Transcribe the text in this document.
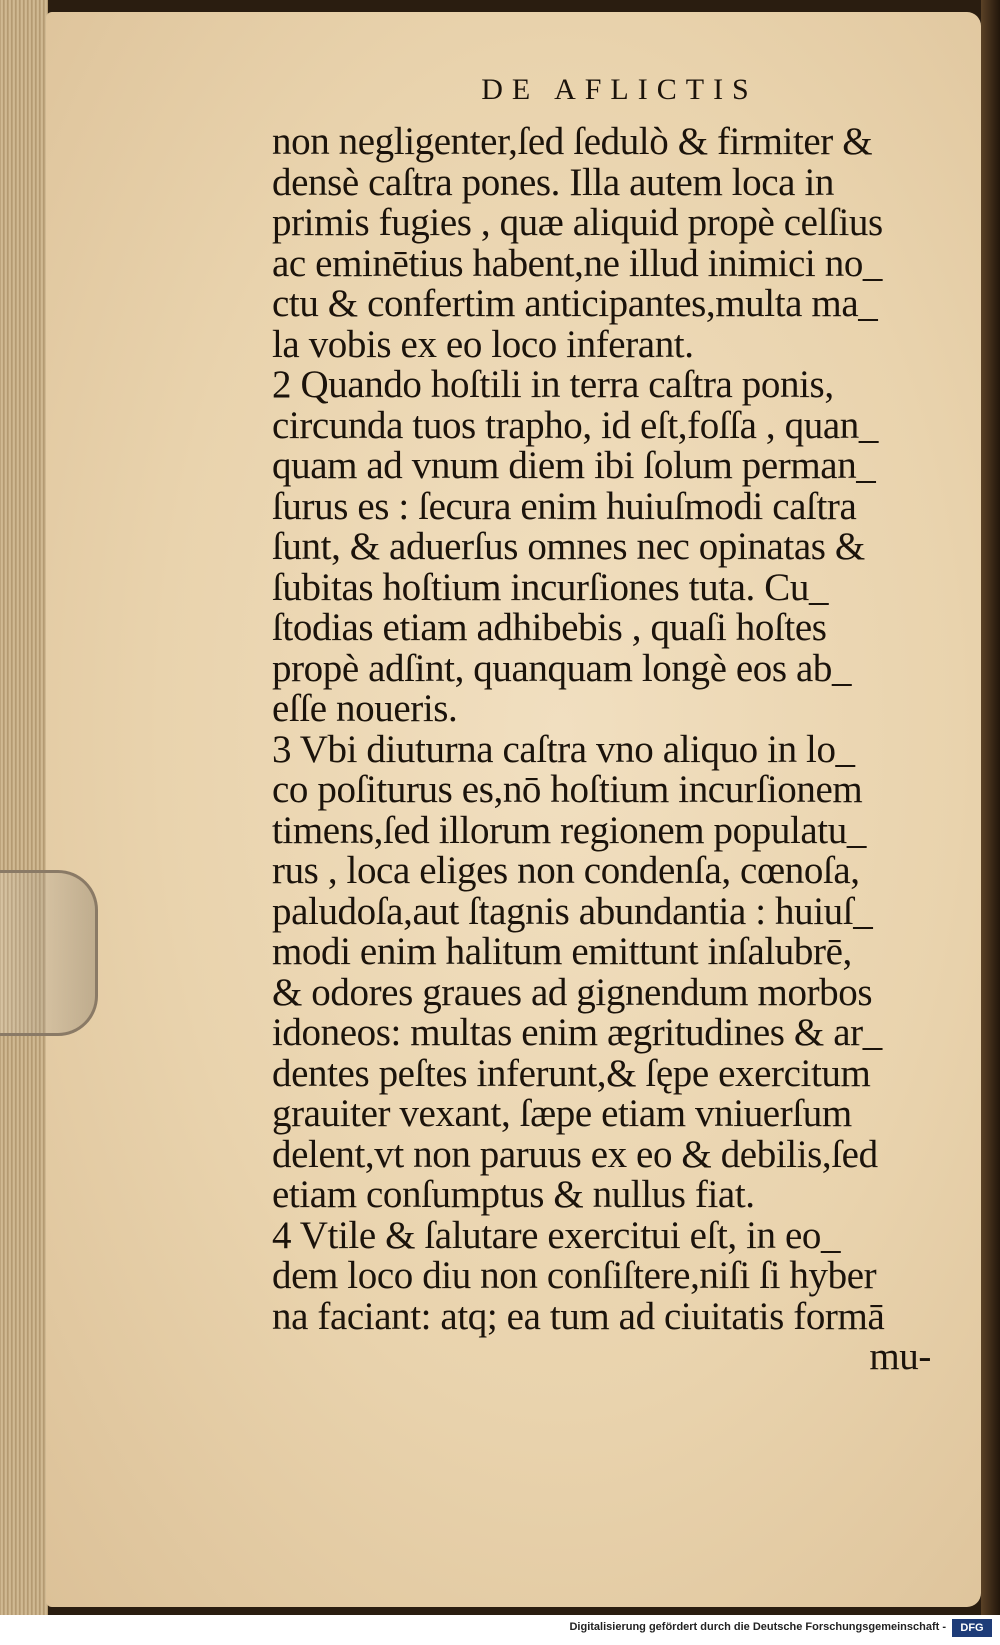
DE AFLICTIS
non negligenter,ſed ſedulò & firmiter &
densè caſtra pones. Illa autem loca in
primis fugies , quæ aliquid propè celſius
ac eminētius habent,ne illud inimici no_
ctu & confertim anticipantes,multa ma_
la vobis ex eo loco inferant.
2 Quando hoſtili in terra caſtra ponis,
circunda tuos trapho, id eſt,foſſa , quan_
quam ad vnum diem ibi ſolum perman_
ſurus es : ſecura enim huiuſmodi caſtra
ſunt, & aduerſus omnes nec opinatas &
ſubitas hoſtium incurſiones tuta. Cu_
ſtodias etiam adhibebis , quaſi hoſtes
propè adſint, quanquam longè eos ab_
eſſe noueris.
3 Vbi diuturna caſtra vno aliquo in lo_
co poſiturus es,nō hoſtium incurſionem
timens,ſed illorum regionem populatu_
rus , loca eliges non condenſa, cœnoſa,
paludoſa,aut ſtagnis abundantia : huiuſ_
modi enim halitum emittunt inſalubrē,
& odores graues ad gignendum morbos
idoneos: multas enim ægritudines & ar_
dentes peſtes inferunt,& ſępe exercitum
grauiter vexant, ſæpe etiam vniuerſum
delent,vt non paruus ex eo & debilis,ſed
etiam conſumptus & nullus fiat.
4 Vtile & ſalutare exercitui eſt, in eo_
dem loco diu non conſiſtere,niſi ſi hyber
na faciant: atq; ea tum ad ciuitatis formā
mu-
Digitalisierung gefördert durch die Deutsche Forschungsgemeinschaft -	DFG
